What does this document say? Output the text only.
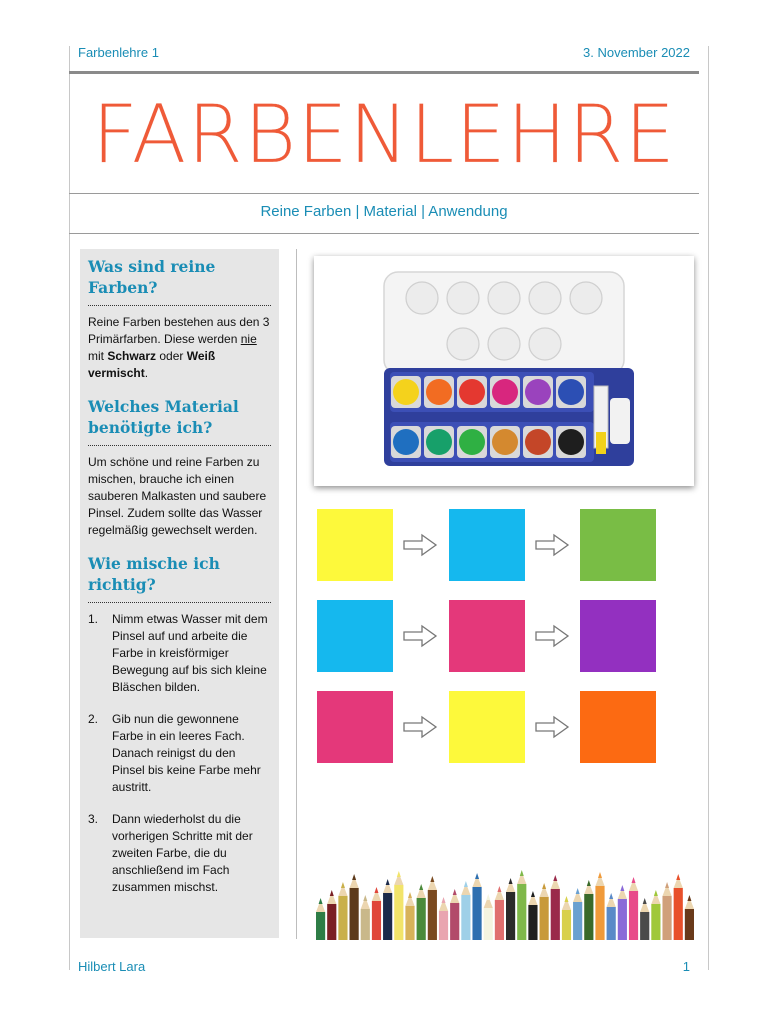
Farbenlehre 1	3. November 2022
FARBENLEHRE
Reine Farben | Material | Anwendung
Was sind reine
Farben?

Reine Farben bestehen aus den 3 Primärfarben. Diese werden nie mit Schwarz oder Weiß vermischt.

Welches Material
benötigte ich?

Um schöne und reine Farben zu mischen, brauche ich einen sauberen Malkasten und saubere Pinsel. Zudem sollte das Wasser regelmäßig gewechselt werden.

Wie mische ich
richtig?
1. Nimm etwas Wasser mit dem Pinsel auf und arbeite die Farbe in kreisförmiger Bewegung auf bis sich kleine Bläschen bilden.
2. Gib nun die gewonnene Farbe in ein leeres Fach. Danach reinigst du den Pinsel bis keine Farbe mehr austritt.
3. Dann wiederholst du die vorherigen Schritte mit der zweiten Farbe, die du anschließend im Fach zusammen mischst.
Hilbert Lara	1
